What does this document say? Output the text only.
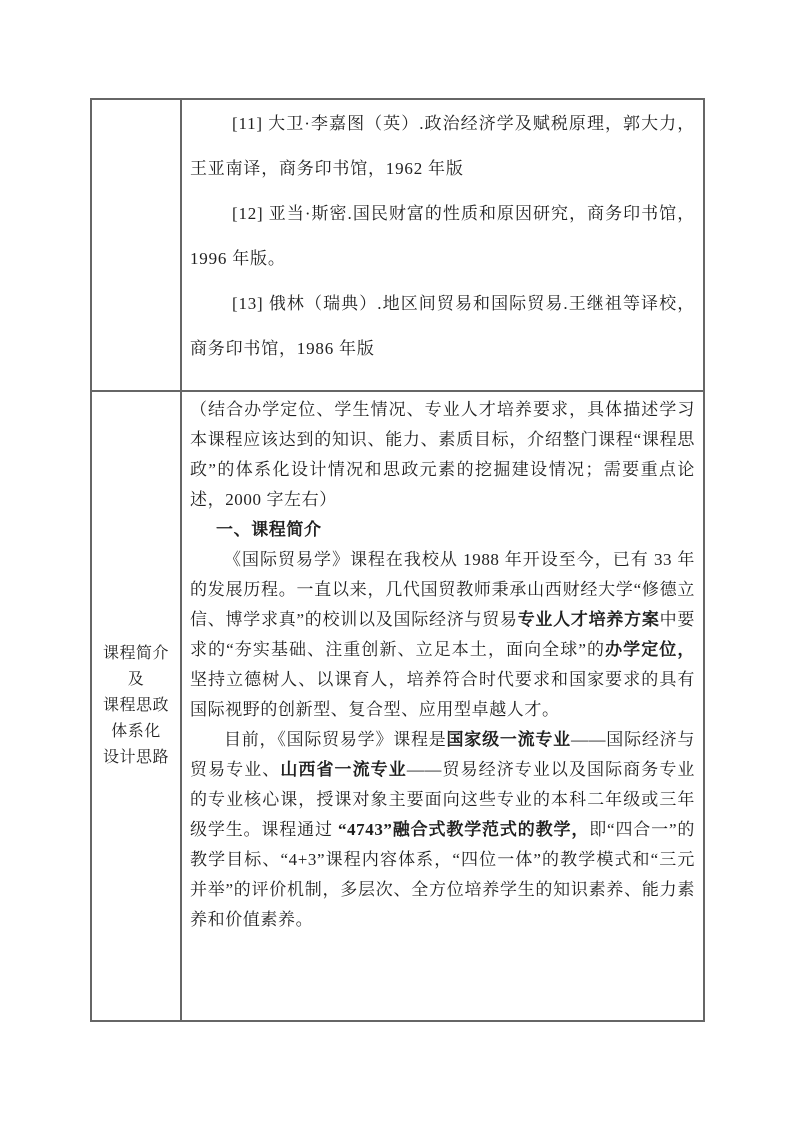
[11] 大卫·李嘉图（英）.政治经济学及赋税原理，郭大力，王亚南译，商务印书馆，1962 年版

[12] 亚当·斯密.国民财富的性质和原因研究，商务印书馆，1996 年版。

[13] 俄林（瑞典）.地区间贸易和国际贸易.王继祖等译校，商务印书馆，1986 年版

课程简介
及
课程思政
体系化
设计思路

（结合办学定位、学生情况、专业人才培养要求，具体描述学习本课程应该达到的知识、能力、素质目标，介绍整门课程“课程思政”的体系化设计情况和思政元素的挖掘建设情况；需要重点论述，2000 字左右）

一、课程简介

《国际贸易学》课程在我校从 1988 年开设至今，已有 33 年的发展历程。一直以来，几代国贸教师秉承山西财经大学“修德立信、博学求真”的校训以及国际经济与贸易专业人才培养方案中要求的“夯实基础、注重创新、立足本土，面向全球”的办学定位，坚持立德树人、以课育人，培养符合时代要求和国家要求的具有国际视野的创新型、复合型、应用型卓越人才。

目前，《国际贸易学》课程是国家级一流专业——国际经济与贸易专业、山西省一流专业——贸易经济专业以及国际商务专业的专业核心课，授课对象主要面向这些专业的本科二年级或三年级学生。课程通过 “4743”融合式教学范式的教学，即“四合一”的教学目标、“4+3”课程内容体系，“四位一体”的教学模式和“三元并举”的评价机制，多层次、全方位培养学生的知识素养、能力素养和价值素养。
